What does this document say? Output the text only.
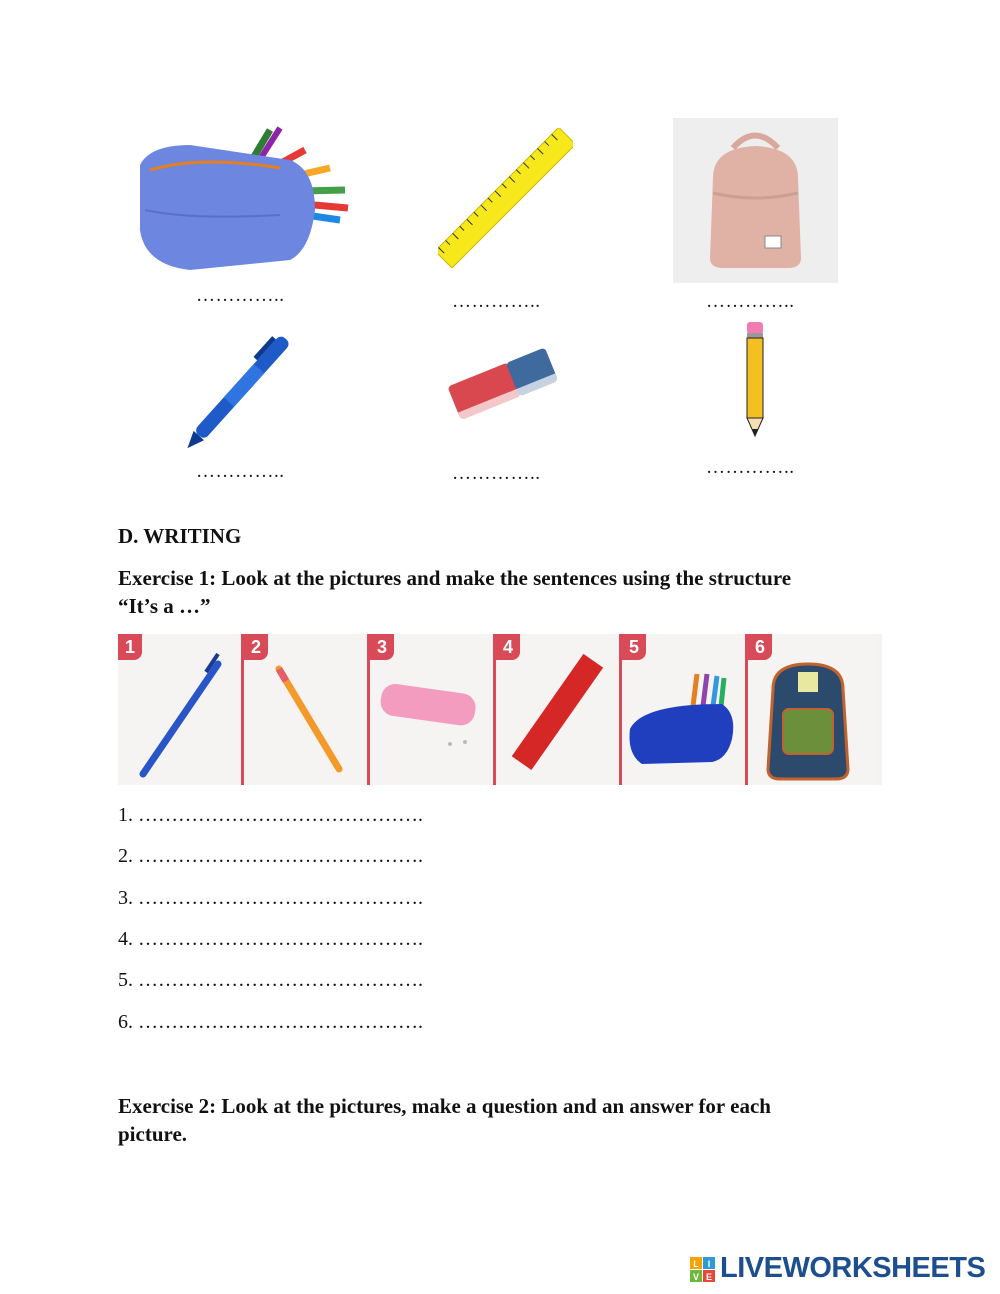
…………..	…………..	…………..
…………..	…………..	…………..
D. WRITING
Exercise 1: Look at the pictures and make the sentences using the structure
“It’s a …”
1	2	3	4	5	6
1. …………………………………….
2. …………………………………….
3. …………………………………….
4. …………………………………….
5. …………………………………….
6. …………………………………….
Exercise 2: Look at the pictures, make a question and an answer for each
picture.
L I
V E LIVEWORKSHEETS
